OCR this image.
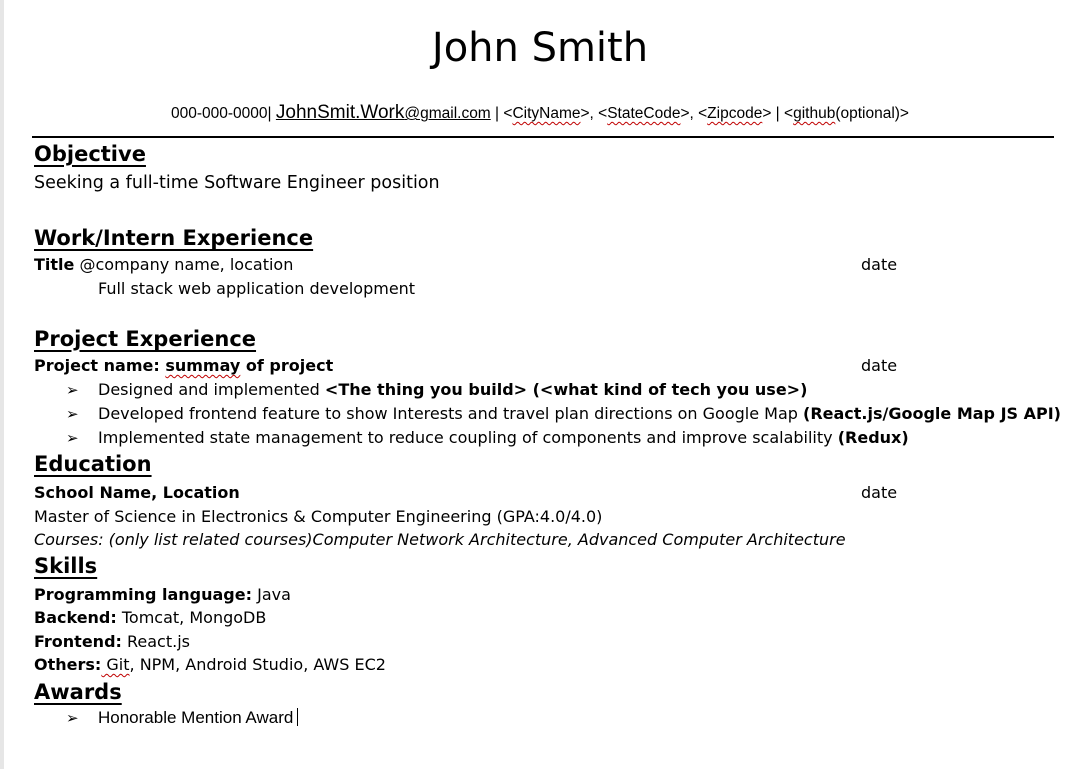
John Smith
000-000-0000| JohnSmit.Work@gmail.com | <CityName>, <StateCode>, <Zipcode> | <github(optional)>
Objective
Seeking a full-time Software Engineer position
Work/Intern Experience
Title @company name, location	date
Full stack web application development
Project Experience
Project name: summay of project	date
➢ Designed and implemented <The thing you build> (<what kind of tech you use>)
➢ Developed frontend feature to show Interests and travel plan directions on Google Map (React.js/Google Map JS API)
➢ Implemented state management to reduce coupling of components and improve scalability (Redux)
Education
School Name, Location	date
Master of Science in Electronics & Computer Engineering (GPA:4.0/4.0)
Courses: (only list related courses)Computer Network Architecture, Advanced Computer Architecture
Skills
Programming language: Java
Backend: Tomcat, MongoDB
Frontend: React.js
Others: Git, NPM, Android Studio, AWS EC2
Awards
➢ Honorable Mention Award
